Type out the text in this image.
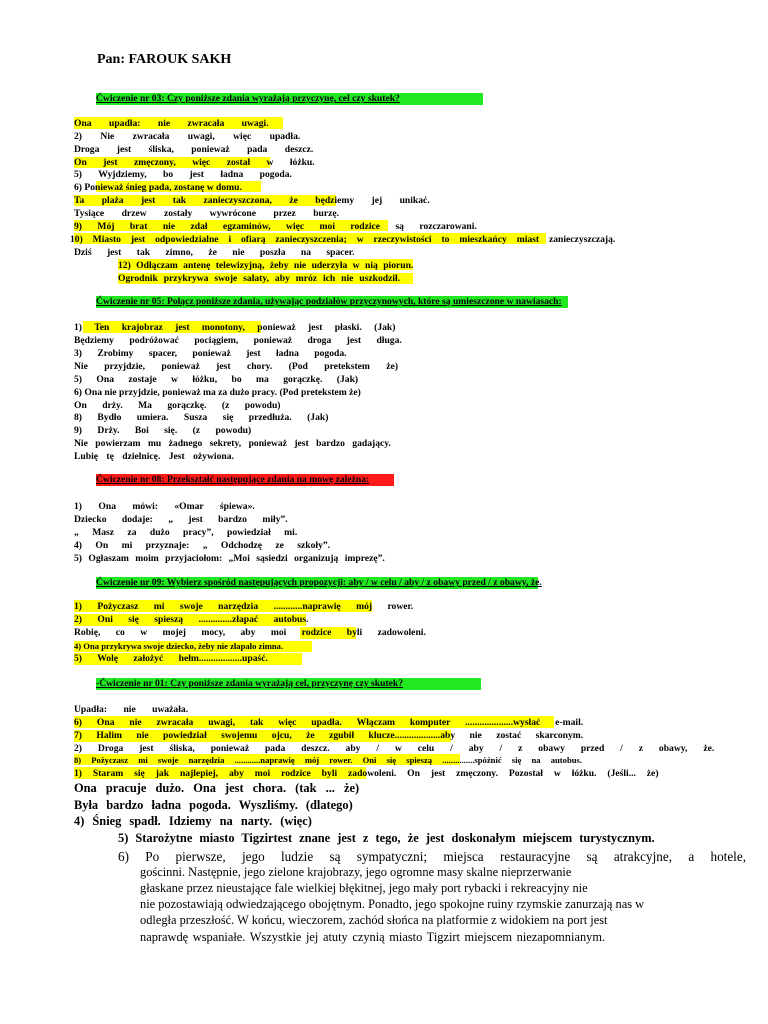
Pan: FAROUK SAKH
Ćwiczenie nr 03: Czy poniższe zdania wyrażają przyczynę, cel czy skutek?
Ona upadła: nie zwracała uwagi.
2) Nie zwracała uwagi, więc upadła.
Droga jest śliska, ponieważ pada deszcz.
On jest zmęczony, więc został w łóżku.
5) Wyjdziemy, bo jest ładna pogoda.
6) Ponieważ śnieg pada, zostanę w domu.
Ta plaża jest tak zanieczyszczona, że będziemy jej unikać.
Tysiące drzew zostały wywrócone przez burzę.
9) Mój brat nie zdał egzaminów, więc moi rodzice są rozczarowani.
10) Miasto jest odpowiedzialne i ofiarą zanieczyszczenia; w rzeczywistości to mieszkańcy miast zanieczyszczają.
Dziś jest tak zimno, że nie poszła na spacer.
12) Odłączam antenę telewizyjną, żeby nie uderzyła w nią piorun.
Ogrodnik przykrywa swoje sałaty, aby mróz ich nie uszkodził.
Ćwiczenie nr 05: Połącz poniższe zdania, używając podziałów przyczynowych, które są umieszczone w nawiasach:
1) Ten krajobraz jest monotony, ponieważ jest płaski. (Jak)
Będziemy podróżować pociągiem, ponieważ droga jest długa.
3) Zrobimy spacer, ponieważ jest ładna pogoda.
Nie przyjdzie, ponieważ jest chory. (Pod pretekstem że)
5) Ona zostaje w łóżku, bo ma gorączkę. (Jak)
6) Ona nie przyjdzie, ponieważ ma za dużo pracy. (Pod pretekstem że)
On drży. Ma gorączkę. (z powodu)
8) Bydło umiera. Susza się przedłuża. (Jak)
9) Drży. Boi się. (z powodu)
Nie powierzam mu żadnego sekrety, ponieważ jest bardzo gadający.
Lubię tę dzielnicę. Jest ożywiona.
Ćwiczenie nr 08: Przekształć następujące zdania na mowę zależna:
1) Ona mówi: «Omar śpiewa».
Dziecko dodaje: „ jest bardzo miły”.
„ Masz za dużo pracy”, powiedział mi.
4) On mi przyznaje: „ Odchodzę ze szkoły”.
5) Ogłaszam moim przyjaciołom: „Moi sąsiedzi organizują imprezę”.
Ćwiczenie nr 09: Wybierz spośród następujących propozycji: aby / w celu / aby / z obawy przed / z obawy, że.
1) Pożyczasz mi swoje narzędzia ............naprawię mój rower.
2) Oni się spieszą ..............złapać autobus.
Robię, co w mojej mocy, aby moi rodzice byli zadowoleni.
4) Ona przykrywa swoje dziecko, żeby nie złapało zimna.
5) Wolę założyć hełm..................upaść.
-Ćwiczenie nr 01: Czy poniższe zdania wyrażają cel, przyczynę czy skutek?
Upadła: nie uważała.
6) Ona nie zwracała uwagi, tak więc upadła. Włączam komputer ....................wysłać e-mail.
7) Halim nie powiedział swojemu ojcu, że zgubił klucze...................aby nie zostać skarconym.
2) Droga jest śliska, ponieważ pada deszcz. aby / w celu / aby / z obawy przed / z obawy, że.
8) Pożyczasz mi swoje narzędzia ............naprawię mój rower. Oni się spieszą ...............spóźnić się na autobus.
1) Staram się jak najlepiej, aby moi rodzice byli zadowoleni. On jest zmęczony. Pozostał w łóżku. (Jeśli... że)
Ona pracuje dużo. Ona jest chora. (tak ... że)
Była bardzo ładna pogoda. Wyszliśmy. (dlatego)
4) Śnieg spadł. Idziemy na narty. (więc)
5) Starożytne miasto Tigzirtest znane jest z tego, że jest doskonałym miejscem turystycznym.
6) Po pierwsze, jego ludzie są sympatyczni; miejsca restauracyjne są atrakcyjne, a hotele,
gościnni. Następnie, jego zielone krajobrazy, jego ogromne masy skalne nieprzerwanie
głaskane przez nieustające fale wielkiej błękitnej, jego mały port rybacki i rekreacyjny nie
nie pozostawiają odwiedzającego obojętnym. Ponadto, jego spokojne ruiny rzymskie zanurzają nas w
odległa przeszłość. W końcu, wieczorem, zachód słońca na platformie z widokiem na port jest
naprawdę wspaniałe. Wszystkie jej atuty czynią miasto Tigzirt miejscem niezapomnianym.
